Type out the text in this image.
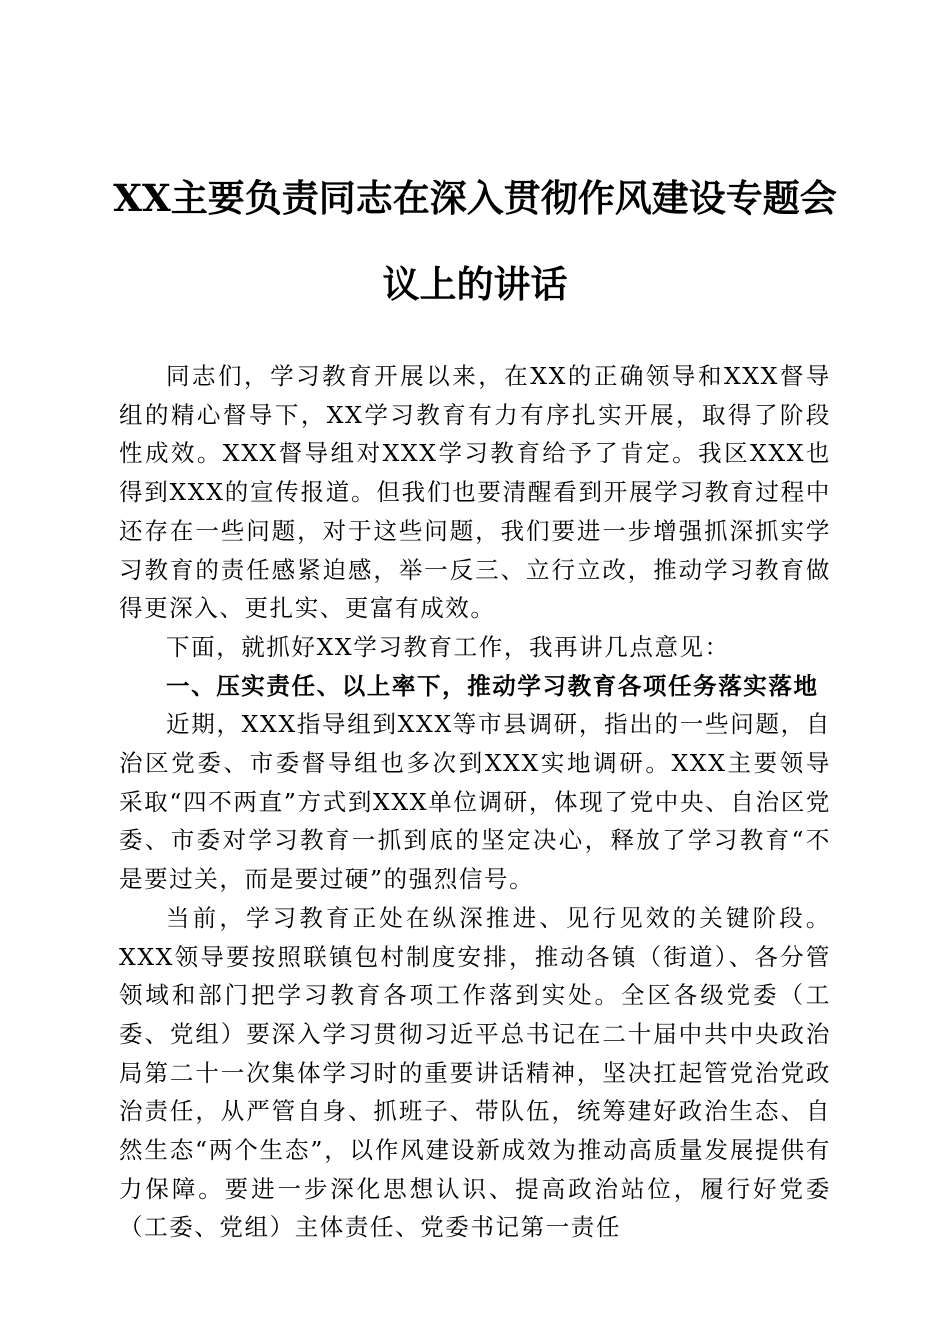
XX主要负责同志在深入贯彻作风建设专题会议上的讲话

同志们，学习教育开展以来，在XX的正确领导和XXX督导组的精心督导下，XX学习教育有力有序扎实开展，取得了阶段性成效。XXX督导组对XXX学习教育给予了肯定。我区XXX也得到XXX的宣传报道。但我们也要清醒看到开展学习教育过程中还存在一些问题，对于这些问题，我们要进一步增强抓深抓实学习教育的责任感紧迫感，举一反三、立行立改，推动学习教育做得更深入、更扎实、更富有成效。

下面，就抓好XX学习教育工作，我再讲几点意见：

一、压实责任、以上率下，推动学习教育各项任务落实落地

近期，XXX指导组到XXX等市县调研，指出的一些问题，自治区党委、市委督导组也多次到XXX实地调研。XXX主要领导采取“四不两直”方式到XXX单位调研，体现了党中央、自治区党委、市委对学习教育一抓到底的坚定决心，释放了学习教育“不是要过关，而是要过硬”的强烈信号。

当前，学习教育正处在纵深推进、见行见效的关键阶段。XXX领导要按照联镇包村制度安排，推动各镇（街道）、各分管领域和部门把学习教育各项工作落到实处。全区各级党委（工委、党组）要深入学习贯彻习近平总书记在二十届中共中央政治局第二十一次集体学习时的重要讲话精神，坚决扛起管党治党政治责任，从严管自身、抓班子、带队伍，统筹建好政治生态、自然生态“两个生态”，以作风建设新成效为推动高质量发展提供有力保障。要进一步深化思想认识、提高政治站位，履行好党委（工委、党组）主体责任、党委书记第一责任
